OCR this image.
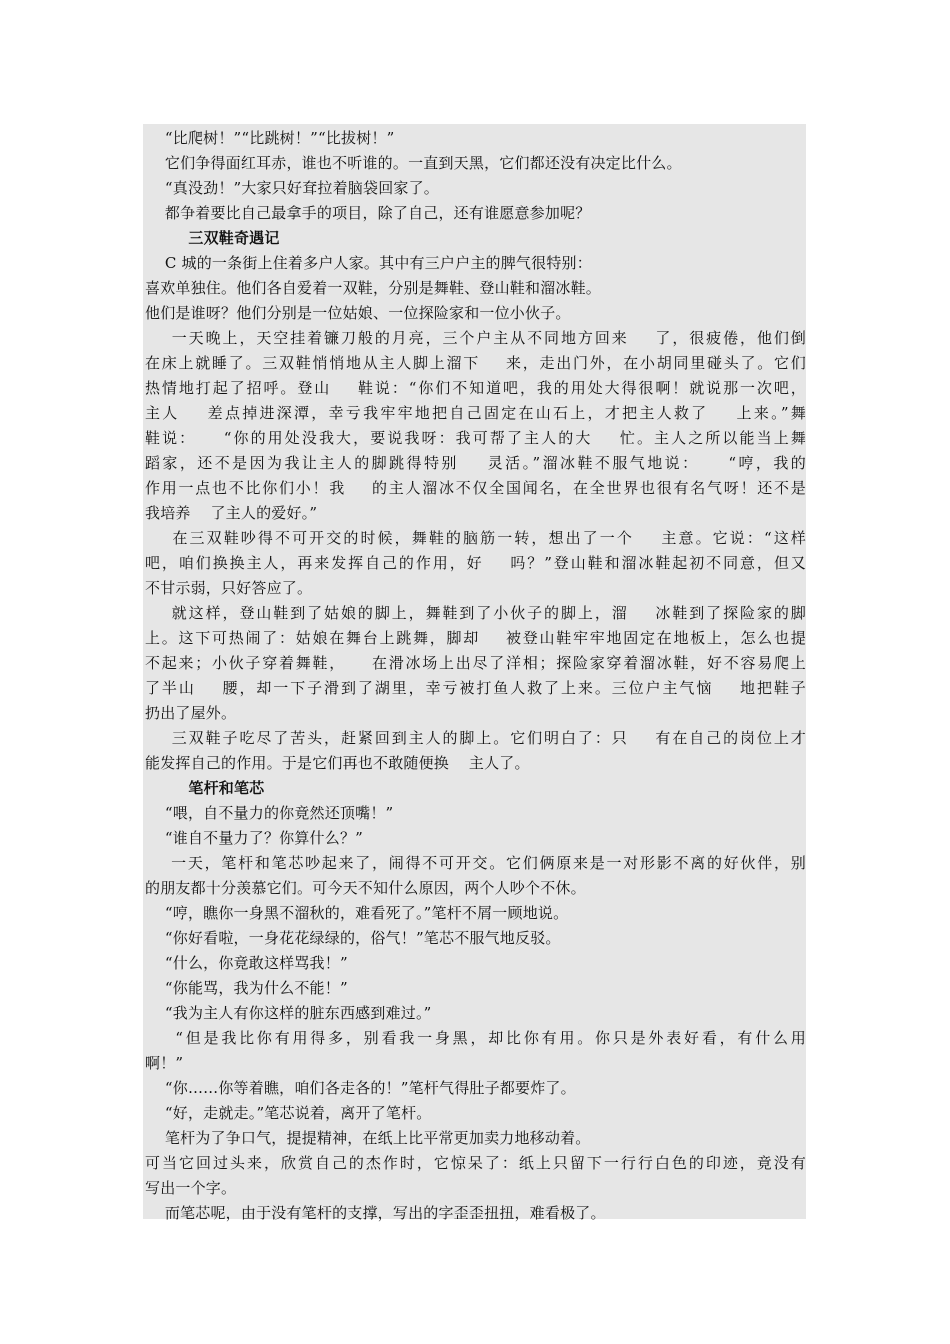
“比爬树！”“比跳树！”“比拔树！”
它们争得面红耳赤，谁也不听谁的。一直到天黑，它们都还没有决定比什么。
“真没劲！”大家只好耷拉着脑袋回家了。
都争着要比自己最拿手的项目，除了自己，还有谁愿意参加呢？
三双鞋奇遇记
C 城的一条街上住着多户人家。其中有三户户主的脾气很特别：
喜欢单独住。他们各自爱着一双鞋，分别是舞鞋、登山鞋和溜冰鞋。
他们是谁呀？他们分别是一位姑娘、一位探险家和一位小伙子。
一天晚上，天空挂着镰刀般的月亮，三个户主从不同地方回来    了，很疲倦，他们倒
在床上就睡了。三双鞋悄悄地从主人脚上溜下    来，走出门外，在小胡同里碰头了。它们
热情地打起了招呼。登山    鞋说：“你们不知道吧，我的用处大得很啊！就说那一次吧，
主人    差点掉进深潭，幸亏我牢牢地把自己固定在山石上，才把主人救了    上来。”舞
鞋说：    “你的用处没我大，要说我呀：我可帮了主人的大    忙。主人之所以能当上舞
蹈家，还不是因为我让主人的脚跳得特别    灵活。”溜冰鞋不服气地说：    “哼，我的
作用一点也不比你们小！我    的主人溜冰不仅全国闻名，在全世界也很有名气呀！还不是
我培养    了主人的爱好。”
在三双鞋吵得不可开交的时候，舞鞋的脑筋一转，想出了一个    主意。它说：“这样
吧，咱们换换主人，再来发挥自己的作用，好    吗？”登山鞋和溜冰鞋起初不同意，但又
不甘示弱，只好答应了。
就这样，登山鞋到了姑娘的脚上，舞鞋到了小伙子的脚上，溜    冰鞋到了探险家的脚
上。这下可热闹了：姑娘在舞台上跳舞，脚却    被登山鞋牢牢地固定在地板上，怎么也提
不起来；小伙子穿着舞鞋，    在滑冰场上出尽了洋相；探险家穿着溜冰鞋，好不容易爬上
了半山    腰，却一下子滑到了湖里，幸亏被打鱼人救了上来。三位户主气恼    地把鞋子
扔出了屋外。
三双鞋子吃尽了苦头，赶紧回到主人的脚上。它们明白了：只    有在自己的岗位上才
能发挥自己的作用。于是它们再也不敢随便换    主人了。
笔杆和笔芯
“喂，自不量力的你竟然还顶嘴！”
“谁自不量力了？你算什么？”
一天，笔杆和笔芯吵起来了，闹得不可开交。它们俩原来是一对形影不离的好伙伴，别
的朋友都十分羡慕它们。可今天不知什么原因，两个人吵个不休。
“哼，瞧你一身黑不溜秋的，难看死了。”笔杆不屑一顾地说。
“你好看啦，一身花花绿绿的，俗气！”笔芯不服气地反驳。
“什么，你竟敢这样骂我！”
“你能骂，我为什么不能！”
“我为主人有你这样的脏东西感到难过。”
“但是我比你有用得多，别看我一身黑，却比你有用。你只是外表好看，有什么用
啊！”
“你……你等着瞧，咱们各走各的！”笔杆气得肚子都要炸了。
“好，走就走。”笔芯说着，离开了笔杆。
笔杆为了争口气，提提精神，在纸上比平常更加卖力地移动着。
可当它回过头来，欣赏自己的杰作时，它惊呆了：纸上只留下一行行白色的印迹，竟没有
写出一个字。
而笔芯呢，由于没有笔杆的支撑，写出的字歪歪扭扭，难看极了。
